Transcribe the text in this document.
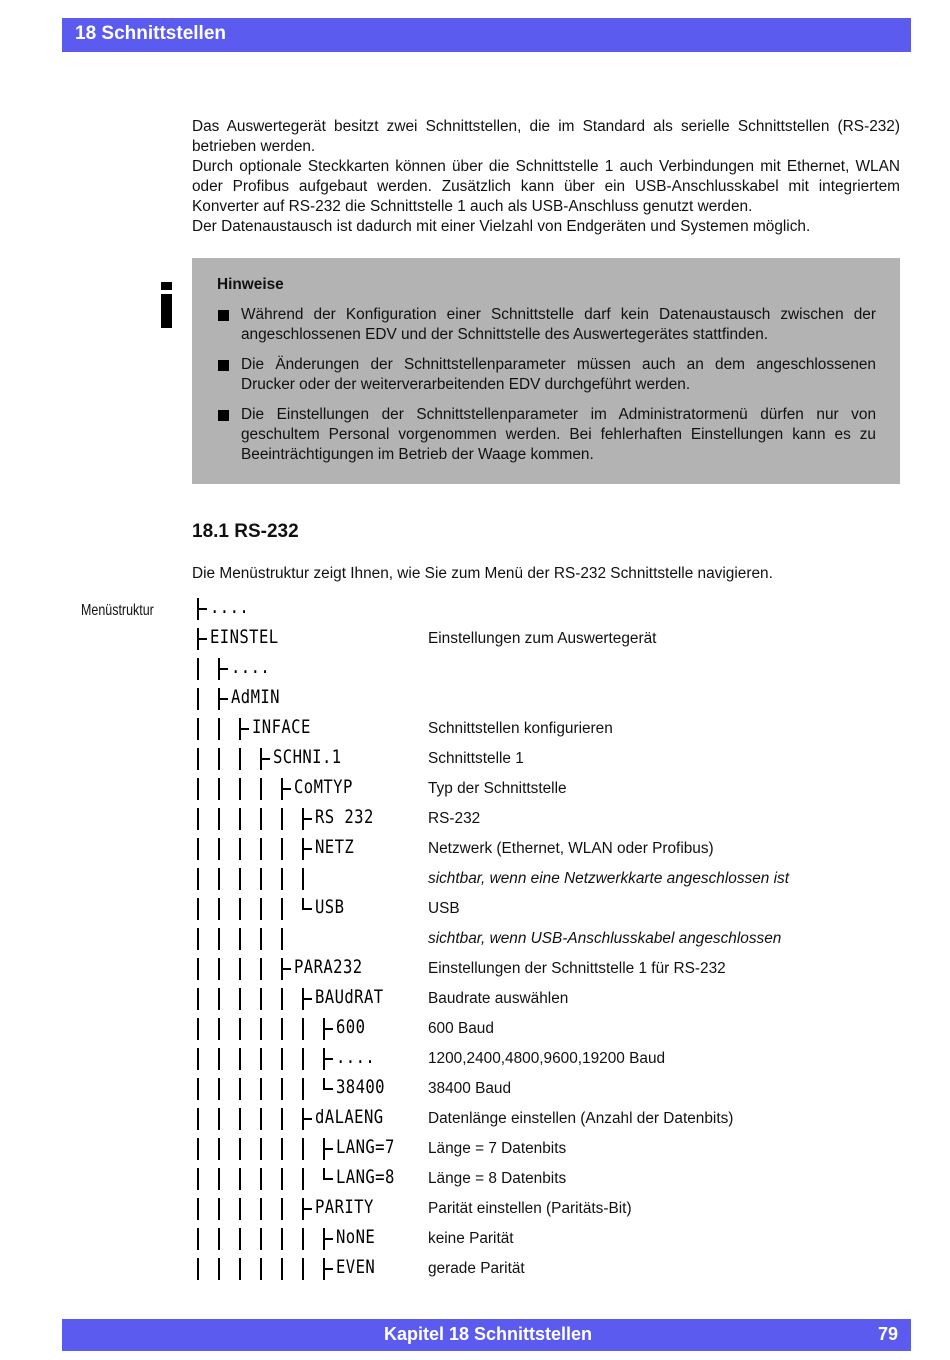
18 Schnittstellen

Das Auswertegerät besitzt zwei Schnittstellen, die im Standard als serielle Schnittstellen (RS-232) betrieben werden.

Durch optionale Steckkarten können über die Schnittstelle 1 auch Verbindungen mit Ethernet, WLAN oder Profibus aufgebaut werden. Zusätzlich kann über ein USB-Anschlusskabel mit integriertem Konverter auf RS-232 die Schnittstelle 1 auch als USB-Anschluss genutzt werden.

Der Datenaustausch ist dadurch mit einer Vielzahl von Endgeräten und Systemen möglich.

Hinweise
Während der Konfiguration einer Schnittstelle darf kein Datenaustausch zwischen der angeschlossenen EDV und der Schnittstelle des Auswertegerätes stattfinden.
Die Änderungen der Schnittstellenparameter müssen auch an dem angeschlossenen Drucker oder der weiterverarbeitenden EDV durchgeführt werden.
Die Einstellungen der Schnittstellenparameter im Administratormenü dürfen nur von geschultem Personal vorgenommen werden. Bei fehlerhaften Einstellungen kann es zu Beeinträchtigungen im Betrieb der Waage kommen.
18.1 RS-232
Die Menüstruktur zeigt Ihnen, wie Sie zum Menü der RS-232 Schnittstelle navigieren.
Menüstruktur	....
EINSTEL	Einstellungen zum Auswertegerät
....
AdMIN
INFACE	Schnittstellen konfigurieren
SCHNI.1	Schnittstelle 1
CoMTYP	Typ der Schnittstelle
RS 232	RS-232
NETZ	Netzwerk (Ethernet, WLAN oder Profibus)
sichtbar, wenn eine Netzwerkkarte angeschlossen ist
USB	USB
sichtbar, wenn USB-Anschlusskabel angeschlossen
PARA232	Einstellungen der Schnittstelle 1 für RS-232
BAUdRAT	Baudrate auswählen
600	600 Baud
....	1200,2400,4800,9600,19200 Baud
38400	38400 Baud
dALAENG	Datenlänge einstellen (Anzahl der Datenbits)
LANG=7 Länge = 7 Datenbits
LANG=8 Länge = 8 Datenbits
PARITY	Parität einstellen (Paritäts-Bit)
NoNE	keine Parität
EVEN	gerade Parität
Kapitel 18 Schnittstellen	79
